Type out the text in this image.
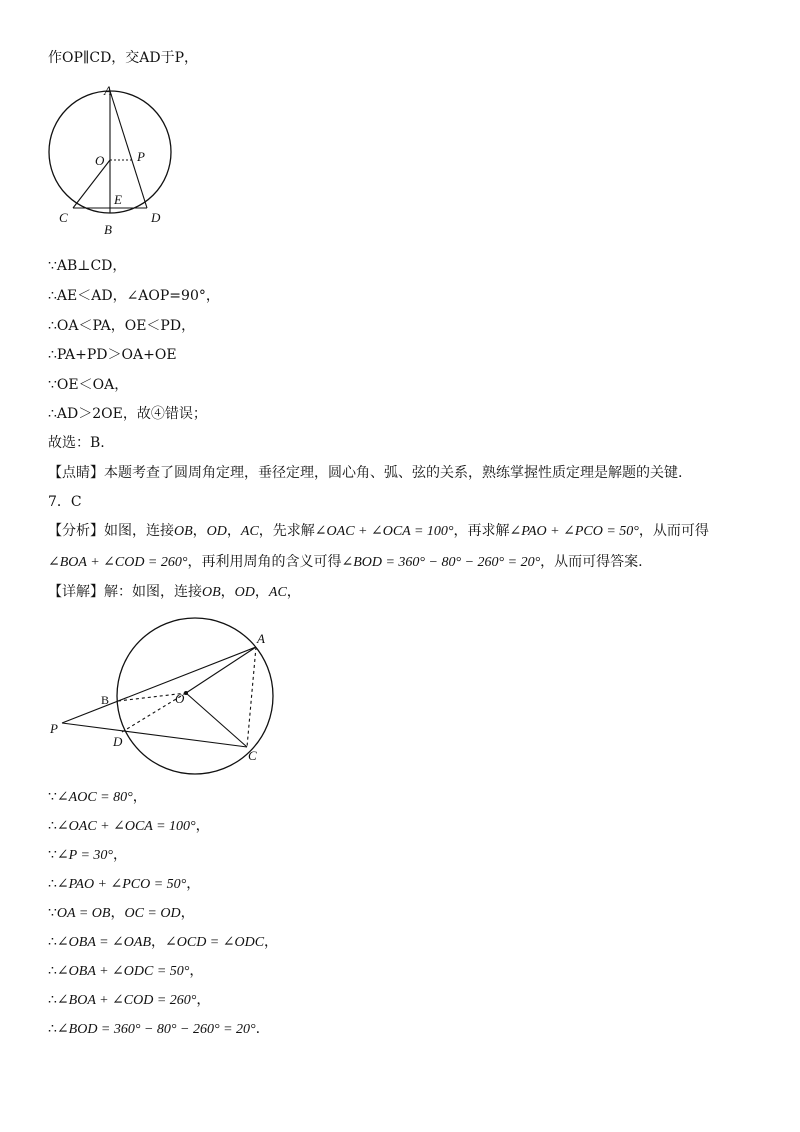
作OP∥CD，交AD于P，
A
O	P
E
C
B
D
∵AB⊥CD，
∴AE＜AD，∠AOP=90°，
∴OA＜PA，OE＜PD，
∴PA+PD＞OA+OE
∵OE＜OA，
∴AD＞2OE，故④错误；
故选：B.
【点睛】本题考查了圆周角定理，垂径定理，圆心角、弧、弦的关系，熟练掌握性质定理是解题的关键.
7．C
【分析】如图，连接OB，OD，AC，先求解∠OAC + ∠OCA = 100°，再求解∠PAO + ∠PCO = 50°，从而可得
∠BOA + ∠COD = 260°，再利用周角的含义可得∠BOD = 360° − 80° − 260° = 20°，从而可得答案.
【详解】解：如图，连接OB，OD，AC，
A
B	O
P
D
C
∵∠AOC = 80°，
∴∠OAC + ∠OCA = 100°，
∵∠P = 30°，
∴∠PAO + ∠PCO = 50°，
∵OA = OB，OC = OD，
∴∠OBA = ∠OAB，∠OCD = ∠ODC，
∴∠OBA + ∠ODC = 50°，
∴∠BOA + ∠COD = 260°，
∴∠BOD = 360° − 80° − 260° = 20°.
